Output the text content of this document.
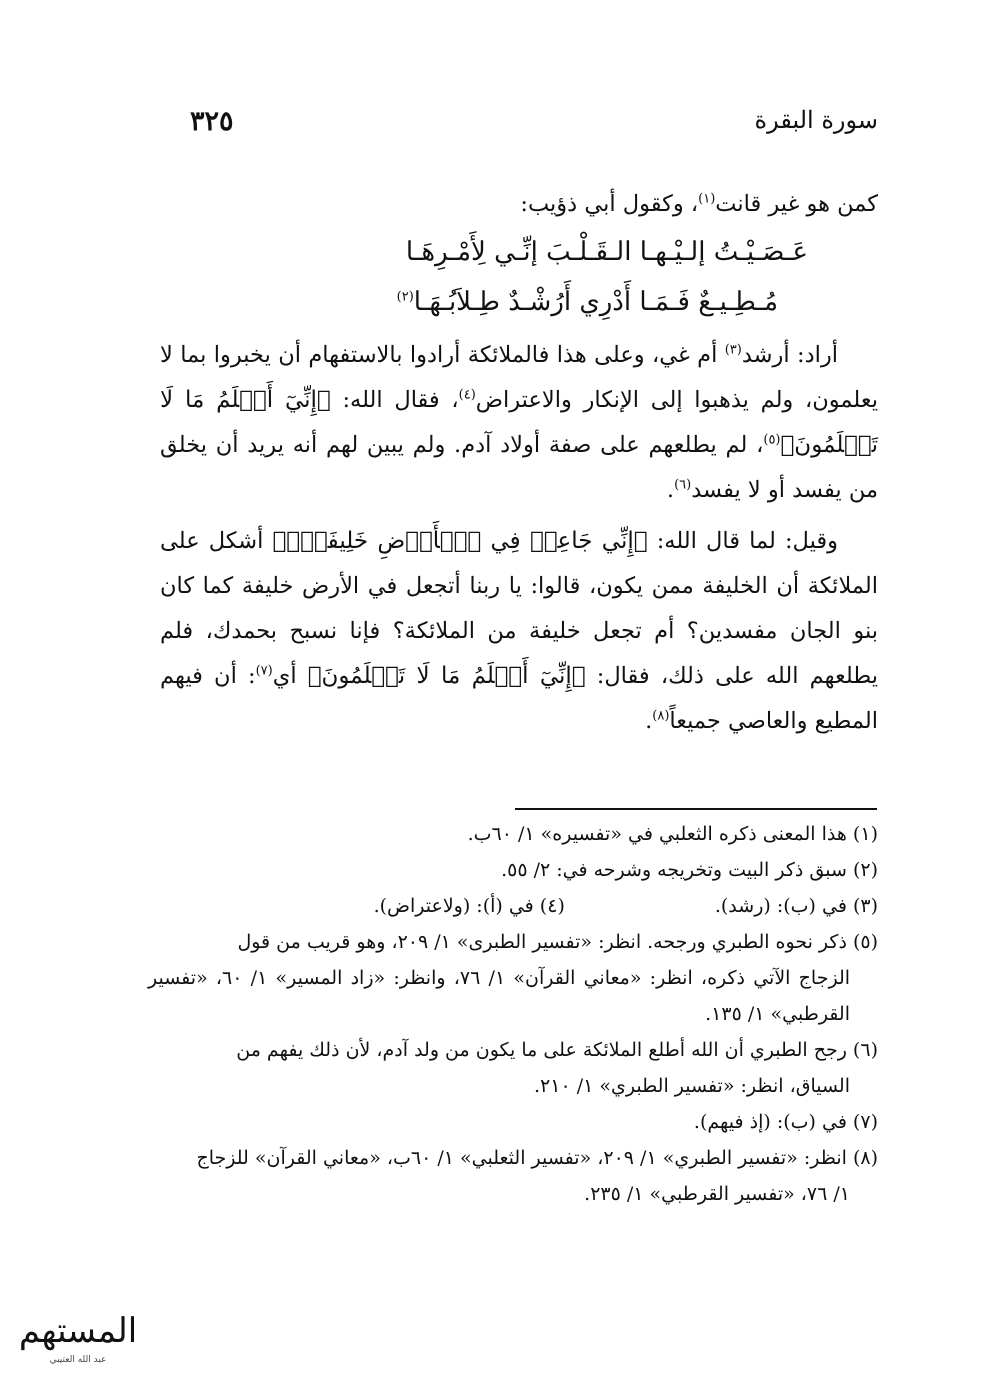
سورة البقرة
٣٢٥

كمن هو غير قانت$^{(١)}$، وكقول أبي ذؤيب:

عَـصَـيْـتُ إلـيْـهـا الـقَـلْـبَ إنِّـي لِأَمْـرِهَـا

مُـطِـيـعٌ فَـمَـا أَدْرِي أَرُشْـدٌ طِـلاَبُـهَـا$^{(٢)}$

أراد: أرشد$^{(٣)}$ أم غي، وعلى هذا فالملائكة أرادوا بالاستفهام أن يخبروا بما لا يعلمون، ولم يذهبوا إلى الإنكار والاعتراض$^{(٤)}$، فقال الله: ﴿إِنِّيٓ أَعۡلَمُ مَا لَا تَعۡلَمُونَ﴾$^{(٥)}$، لم يطلعهم على صفة أولاد آدم. ولم يبين لهم أنه يريد أن يخلق من يفسد أو لا يفسد$^{(٦)}$.

وقيل: لما قال الله: ﴿إِنِّي جَاعِلٞ فِي ٱلۡأَرۡضِ خَلِيفَةٗۖ﴾ أشكل على الملائكة أن الخليفة ممن يكون، قالوا: يا ربنا أتجعل في الأرض خليفة كما كان بنو الجان مفسدين؟ أم تجعل خليفة من الملائكة؟ فإنا نسبح بحمدك، فلم يطلعهم الله على ذلك، فقال: ﴿إِنِّيٓ أَعۡلَمُ مَا لَا تَعۡلَمُونَ﴾ أي$^{(٧)}$: أن فيهم المطيع والعاصي جميعاً$^{(٨)}$.

(١) هذا المعنى ذكره الثعلبي في «تفسيره» ١/ ٦٠ب.

(٢) سبق ذكر البيت وتخريجه وشرحه في: ٢/ ٥٥.

(٣) في (ب): (رشد).
(٤) في (أ): (ولاعتراض).

(٥) ذكر نحوه الطبري ورجحه. انظر: «تفسير الطبرى» ١/ ٢٠٩، وهو قريب من قول
الزجاج الآتي ذكره، انظر: «معاني القرآن» ١/ ٧٦، وانظر: «زاد المسير» ١/ ٦٠، «تفسير القرطبي» ١/ ١٣٥.

(٦) رجح الطبري أن الله أطلع الملائكة على ما يكون من ولد آدم، لأن ذلك يفهم من
السياق، انظر: «تفسير الطبري» ١/ ٢١٠.

(٧) في (ب): (إذ فيهم).

(٨) انظر: «تفسير الطبري» ١/ ٢٠٩، «تفسير الثعلبي» ١/ ٦٠ب، «معاني القرآن» للزجاج
١/ ٧٦، «تفسير القرطبي» ١/ ٢٣٥.

المستهم
عبد الله العتيبي
